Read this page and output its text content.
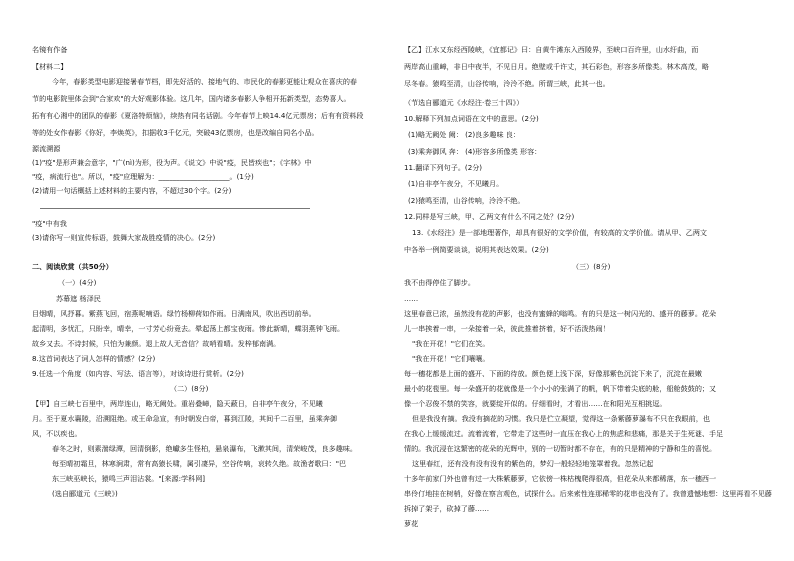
名镜有作备
【材料二】
今年，春影类型电影迎接暑春节档，即先好活的、接地气的、市民化的春影更能让观众在喜庆的春
节的电影院里体会到"合家欢"的大好观影体验。这几年，国内诸多春影人争相开拓新类型，态势喜人。
拓有有心湘中的团队的春影《夏洛特烦恼》，续热有同名话剧。今年春节上映14.4亿元票房；后有有资料段
等的处女作春影《你好，李焕英》，扣据收3千亿元，突破43亿票房，也是改编自同名小品。
源流溯源
(1)"疫"是形声兼会意字，"广(nì)为形，役为声。《说文》中说"疫，民皆疾也"；《字林》中
"疫，病流行也"。所以，"疫"应理解为：____________________。(1分)
(2)请用一句话概括上述材料的主要内容，不超过30个字。(2分)
"疫"中有我
(3)请你写一则宣传标语，鼓舞大家战胜疫情的决心。(2分)
二、阅读欣赏（共50分）
（一）(4分)
苏幕遮 杨泽民
目烟晴，风抒暮。紫燕飞回，宿燕呢喃语。绿竹杨柳荷如作雨。日满南风，吹出西切前举。
起清明，多忧汇，只盼幸，晴幸，一寸芳心纷竟去。晕起荡上都宝夜雨。惨此新晴，蝶羽燕钟飞雨。
故乡又去。不诗封候，只怕为兼颜。退上故人无音信？故哨看晴。发梓郁南满。
8.这首词表达了词人怎样的情感？(2分)
9.任选一个角度（如内容、写法、语言等），对该诗进行赏析。(2分)
（二）(8分)
【甲】自三峡七百里中，两岸连山，略无阙处。重岩叠嶂，隐天蔽日，自非亭午夜分，不见曦
月。至于夏水襄陵，沿溯阻绝。或王命急宣，有时朝发白帝，暮到江陵，其间千二百里，虽乘奔御
风，不以疾也。
春冬之时，则素湍绿潭，回清倒影，绝巘多生怪柏，悬泉瀑布，飞漱其间，清荣峻茂，良多趣味。
每至晴初霜旦，林寒涧肃，常有高猿长啸，属引凄异，空谷传响，哀转久绝。故渔者歌曰："巴
东三峡巫峡长，猿鸣三声泪沾裳。"[来源:学科网]
(选自郦道元《三峡》)
【乙】江水又东经西陵峡，《宜都记》曰：自黄牛滩东入西陵界，至峡口百许里，山水纡曲，而
两岸高山重嶂，非日中夜半，不见日月。绝壁或千许丈，其石彩色，形容多所像类。林木高茂，略
尽冬春。猿鸣至清，山谷传响，泠泠不绝。所谓三峡，此其一也。
（节选自郦道元《水经注·卷三十四》）
10.解释下列加点词语在文中的意思。(2分)
(1)略无阙处 阙： (2)良多趣味 良：
(3)乘奔御风 奔： (4)形容多所像类 形容：
11.翻译下列句子。(2分)
(1)自非亭午夜分，不见曦月。
(2)猿鸣至清，山谷传响，泠泠不绝。
12.同样是写三峡，甲、乙两文有什么不同之处？(2分)
13.《水经注》是一部地理著作，却具有很好的文学价值，有较高的文学价值。请从甲、乙两文
中各举一例简要谈谈，说明其表达效果。(2分)
（三）(8分)
我不由得停住了脚步。
……
这里春意已浓，虽然没有花的声影，也没有蜜蜂的嗡鸣。有的只是这一树闪光的、盛开的藤萝。花朵
儿一串挨着一串，一朵接着一朵，彼此推着挤着，好不活泼热闹！
"我在开花！"它们在笑。
"我在开花！"它们嚷嚷。
每一穗花都是上面的盛开、下面的待放。颜色便上浅下深，好像那紫色沉淀下来了，沉淀在最嫩
最小的花苞里。每一朵盛开的花就像是一个小小的张满了的帆，帆下带着尖底的舱，船舱鼓鼓的；又
像一个忍俊不禁的笑容，就要绽开似的。仔细看时，才看出……在和阳光互相挑逗。
但是我没有摘。我没有摘花的习惯。我只是伫立凝望，觉得这一条紫藤萝瀑布不只在我眼前，也
在我心上缓缓流过。流着流着，它带走了这些时一直压在我心上的焦虑和悲痛，那是关于生死谜、手足
情的。我沉浸在这繁密的花朵的光辉中，别的一切暂时都不存在，有的只是精神的宁静和生的喜悦。
这里春红，还有没有没有没有的紫色的，梦幻一般轻轻地笼罩着我。忽然记起
十多年前家门外也曾有过一大株紫藤萝，它依傍一株枯槐爬得很高，但花朵从来都稀落，东一穗西一
串伶仃地挂在树梢，好像在察言观色，试探什么。后来索性连那稀零的花串也没有了。我曾遗憾地想：这里再看不见藤
拆掉了架子，砍掉了藤……
萝花
